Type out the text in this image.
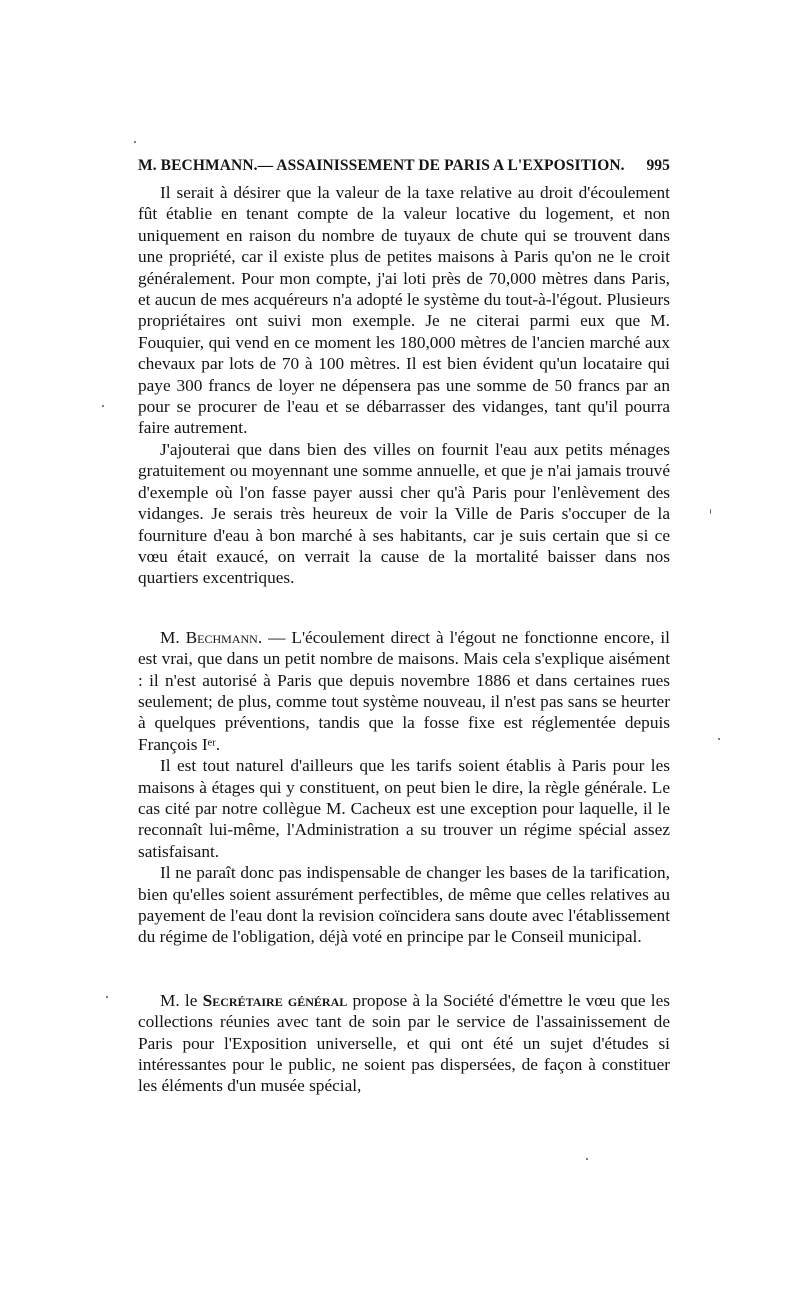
M. BECHMANN.— ASSAINISSEMENT DE PARIS A L'EXPOSITION. 995

Il serait à désirer que la valeur de la taxe relative au droit d'écoulement fût établie en tenant compte de la valeur locative du logement, et non uniquement en raison du nombre de tuyaux de chute qui se trouvent dans une propriété, car il existe plus de petites maisons à Paris qu'on ne le croit généralement. Pour mon compte, j'ai loti près de 70,000 mètres dans Paris, et aucun de mes acquéreurs n'a adopté le système du tout-à-l'égout. Plusieurs propriétaires ont suivi mon exemple. Je ne citerai parmi eux que M. Fouquier, qui vend en ce moment les 180,000 mètres de l'ancien marché aux chevaux par lots de 70 à 100 mètres. Il est bien évident qu'un locataire qui paye 300 francs de loyer ne dépensera pas une somme de 50 francs par an pour se procurer de l'eau et se débarrasser des vidanges, tant qu'il pourra faire autrement.

J'ajouterai que dans bien des villes on fournit l'eau aux petits ménages gratuitement ou moyennant une somme annuelle, et que je n'ai jamais trouvé d'exemple où l'on fasse payer aussi cher qu'à Paris pour l'enlèvement des vidanges. Je serais très heureux de voir la Ville de Paris s'occuper de la fourniture d'eau à bon marché à ses habitants, car je suis certain que si ce vœu était exaucé, on verrait la cause de la mortalité baisser dans nos quartiers excentriques.

M. Bechmann. — L'écoulement direct à l'égout ne fonctionne encore, il est vrai, que dans un petit nombre de maisons. Mais cela s'explique aisément : il n'est autorisé à Paris que depuis novembre 1886 et dans certaines rues seulement; de plus, comme tout système nouveau, il n'est pas sans se heurter à quelques préventions, tandis que la fosse fixe est réglementée depuis François Iᵉʳ.

Il est tout naturel d'ailleurs que les tarifs soient établis à Paris pour les maisons à étages qui y constituent, on peut bien le dire, la règle générale. Le cas cité par notre collègue M. Cacheux est une exception pour laquelle, il le reconnaît lui-même, l'Administration a su trouver un régime spécial assez satisfaisant.

Il ne paraît donc pas indispensable de changer les bases de la tarification, bien qu'elles soient assurément perfectibles, de même que celles relatives au payement de l'eau dont la revision coïncidera sans doute avec l'établissement du régime de l'obligation, déjà voté en principe par le Conseil municipal.

M. le Secrétaire général propose à la Société d'émettre le vœu que les collections réunies avec tant de soin par le service de l'assainissement de Paris pour l'Exposition universelle, et qui ont été un sujet d'études si intéressantes pour le public, ne soient pas dispersées, de façon à constituer les éléments d'un musée spécial,
